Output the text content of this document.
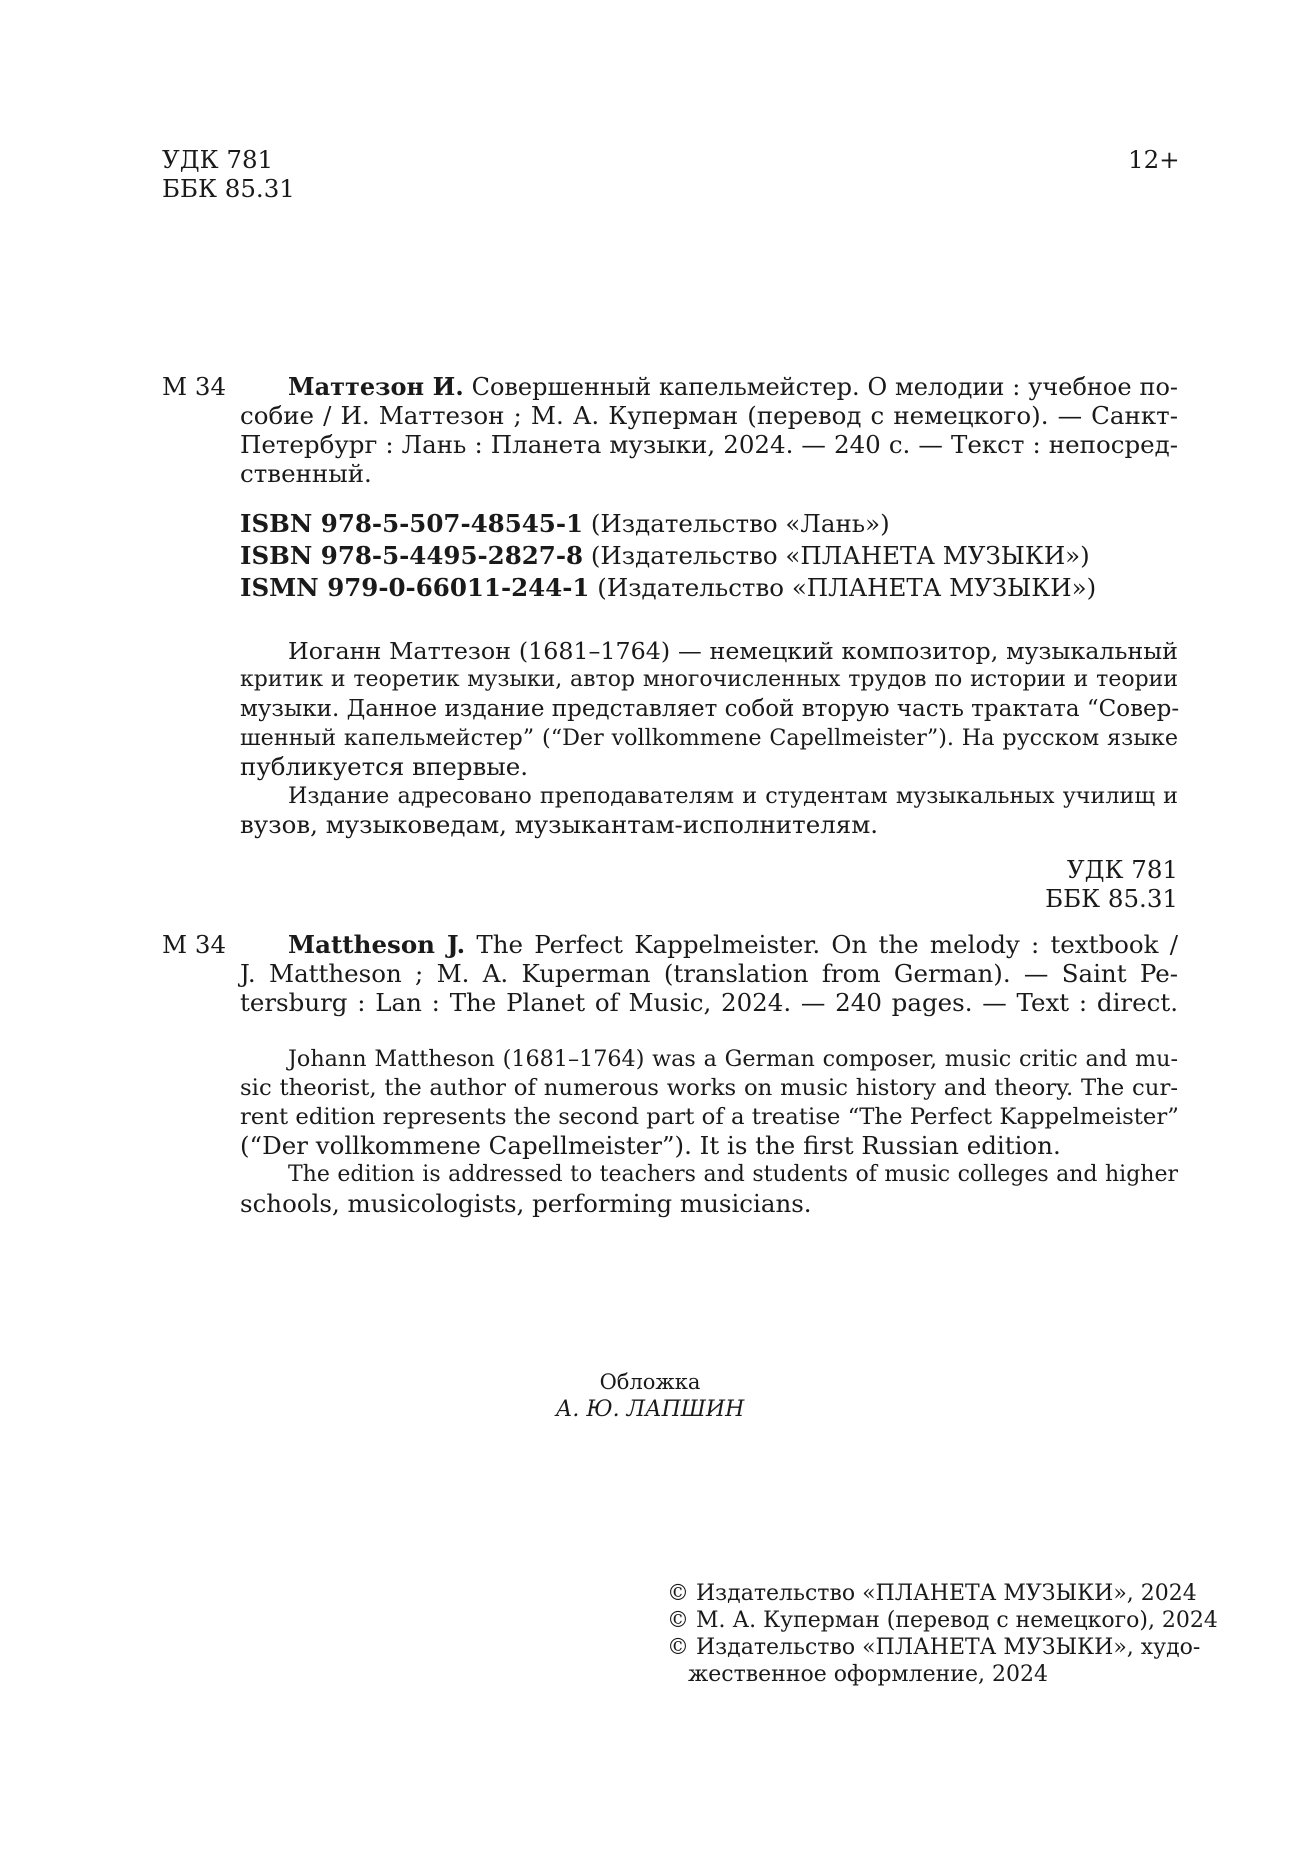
УДК 781
ББК 85.31
12+
М 34	Маттезон И. Совершенный капельмейстер. О мелодии : учебное по-
собие / И. Маттезон ; М. А. Куперман (перевод с немецкого). — Санкт-
Петербург : Лань : Планета музыки, 2024. — 240 с. — Текст : непосред-
ственный.
ISBN 978-5-507-48545-1 (Издательство «Лань»)
ISBN 978-5-4495-2827-8 (Издательство «ПЛАНЕТА МУЗЫКИ»)
ISMN 979-0-66011-244-1 (Издательство «ПЛАНЕТА МУЗЫКИ»)
Иоганн Маттезон (1681–1764) — немецкий композитор, музыкальный
критик и теоретик музыки, автор многочисленных трудов по истории и теории
музыки. Данное издание представляет собой вторую часть трактата “Совер-
шенный капельмейстер” (“Der vollkommene Capellmeister”). На русском языке
публикуется впервые.
Издание адресовано преподавателям и студентам музыкальных училищ и
вузов, музыковедам, музыкантам-исполнителям.
УДК 781
ББК 85.31
M 34	Mattheson J. The Perfect Kappelmeister. On the melody : textbook /
J. Mattheson ; M. A. Kuperman (translation from German). — Saint Pe-
tersburg : Lan : The Planet of Music, 2024. — 240 pages. — Text : direct.
Johann Mattheson (1681–1764) was a German composer, music critic and mu-
sic theorist, the author of numerous works on music history and theory. The cur-
rent edition represents the second part of a treatise “The Perfect Kappelmeister”
(“Der vollkommene Capellmeister”). It is the first Russian edition.
The edition is addressed to teachers and students of music colleges and higher
schools, musicologists, performing musicians.
Обложка
А. Ю. ЛАПШИН
© Издательство «ПЛАНЕТА МУЗЫКИ», 2024
© М. А. Куперман (перевод с немецкого), 2024
© Издательство «ПЛАНЕТА МУЗЫКИ», худо-
жественное оформление, 2024
